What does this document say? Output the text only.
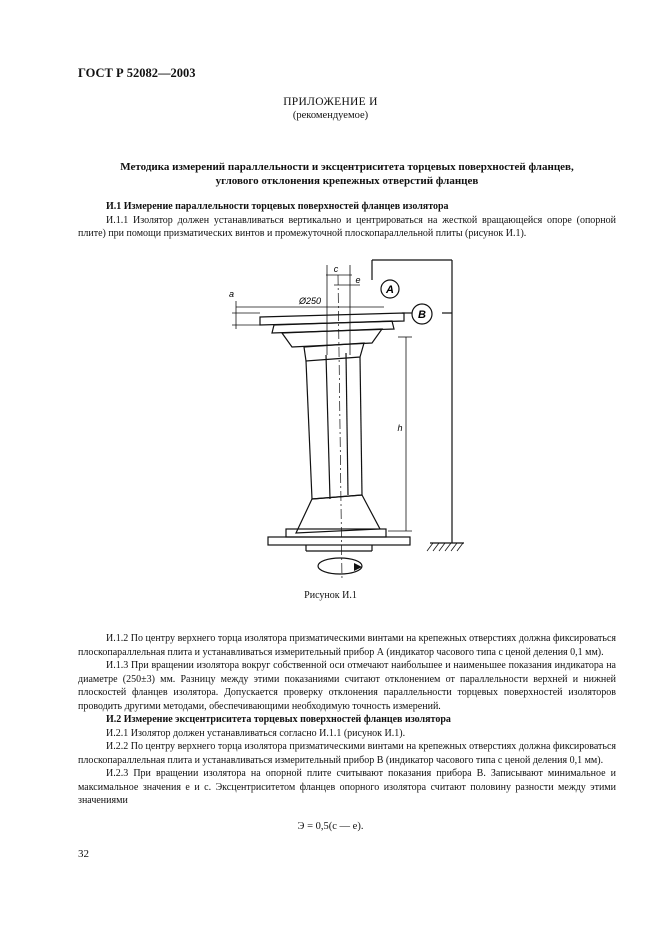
ГОСТ Р 52082—2003
ПРИЛОЖЕНИЕ И
(рекомендуемое)
Методика измерений параллельности и эксцентриситета торцевых поверхностей фланцев,
углового отклонения крепежных отверстий фланцев
И.1 Измерение параллельности торцевых поверхностей фланцев изолятора
И.1.1 Изолятор должен устанавливаться вертикально и центрироваться на жесткой вращающейся опоре (опорной плите) при помощи призматических винтов и промежуточной плоскопараллельной плиты (рисунок И.1).
A
B
c
e
Ø250
a
h
Рисунок И.1
И.1.2 По центру верхнего торца изолятора призматическими винтами на крепежных отверстиях должна фиксироваться плоскопараллельная плита и устанавливаться измерительный прибор А (индикатор часового типа с ценой деления 0,1 мм).
И.1.3 При вращении изолятора вокруг собственной оси отмечают наибольшее и наименьшее показания индикатора на диаметре (250±3) мм. Разницу между этими показаниями считают отклонением от параллельности верхней и нижней плоскостей фланцев изолятора. Допускается проверку отклонения параллельности торцевых поверхностей изоляторов проводить другими методами, обеспечивающими необходимую точность измерений.
И.2 Измерение эксцентриситета торцевых поверхностей фланцев изолятора
И.2.1 Изолятор должен устанавливаться согласно И.1.1 (рисунок И.1).
И.2.2 По центру верхнего торца изолятора призматическими винтами на крепежных отверстиях должна фиксироваться плоскопараллельная плита и устанавливаться измерительный прибор В (индикатор часового типа с ценой деления 0,1 мм).
И.2.3 При вращении изолятора на опорной плите считывают показания прибора В. Записывают минимальное и максимальное значения е и с. Эксцентриситетом фланцев опорного изолятора считают половину разности между этими значениями
Э = 0,5(с — е).
32
